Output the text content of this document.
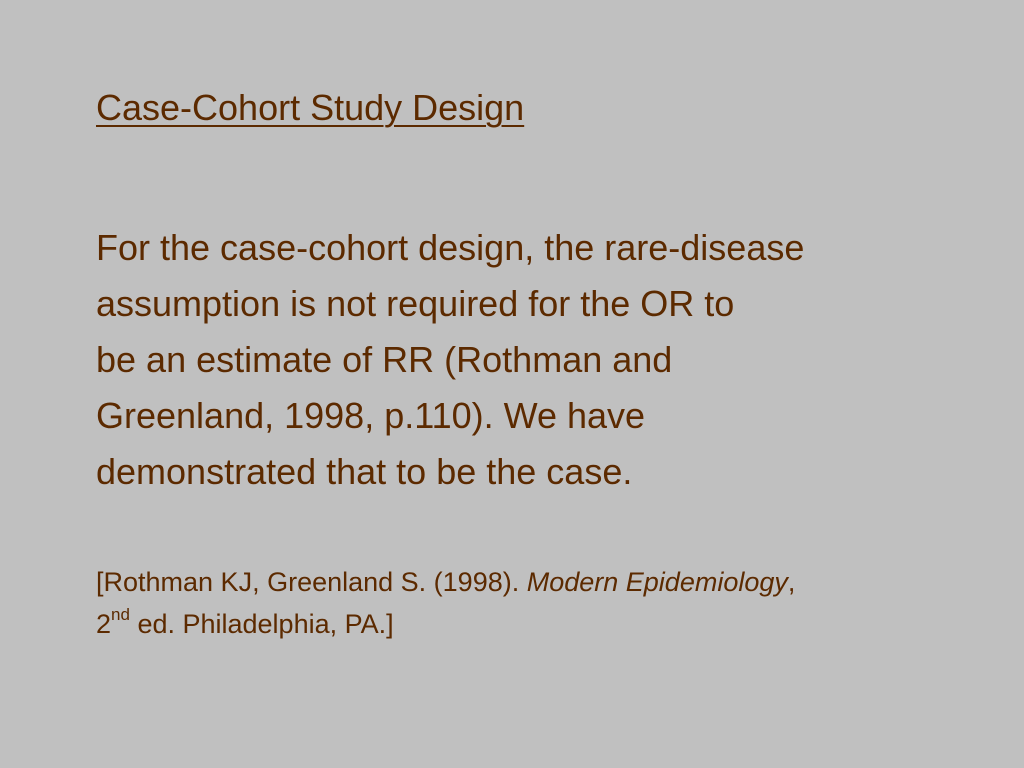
Case-Cohort Study Design

For the case-cohort design, the rare-disease
assumption is not required for the OR to
be an estimate of RR (Rothman and
Greenland, 1998, p.110). We have
demonstrated that to be the case.

[Rothman KJ, Greenland S. (1998). Modern Epidemiology,
2nd ed. Philadelphia, PA.]
